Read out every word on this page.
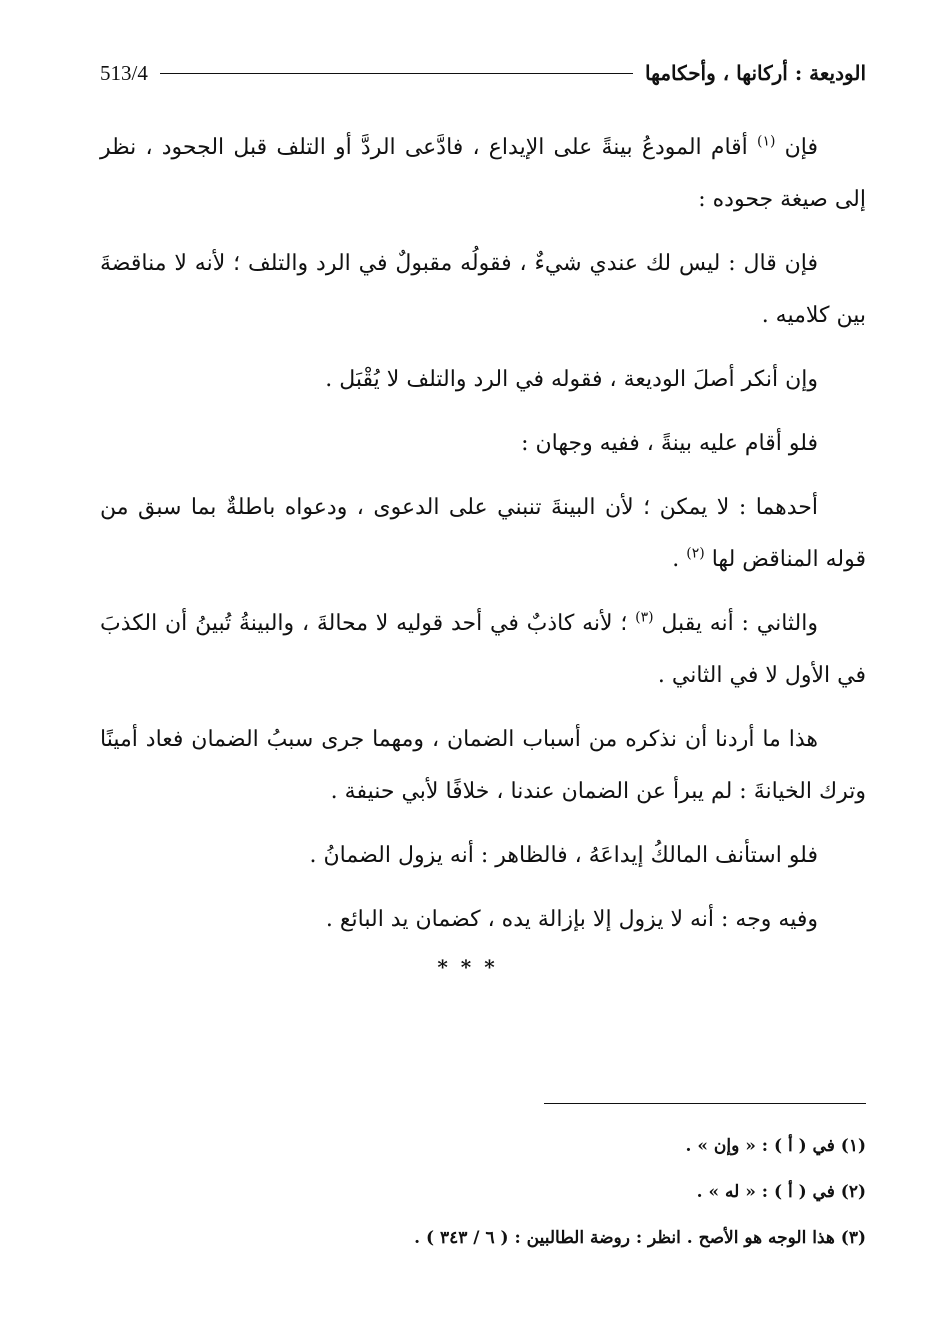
513/4	الوديعة : أركانها ، وأحكامها

فإن $^{(١)}$ أقام المودعُ بينةً على الإيداع ، فادَّعى الردَّ أو التلف قبل الجحود ، نظر إلى صيغة جحوده :

فإن قال : ليس لك عندي شيءٌ ، فقولُه مقبولٌ في الرد والتلف ؛ لأنه لا مناقضةَ بين كلاميه .

وإن أنكر أصلَ الوديعة ، فقوله في الرد والتلف لا يُقْبَل .

فلو أقام عليه بينةً ، ففيه وجهان :

أحدهما : لا يمكن ؛ لأن البينةَ تنبني على الدعوى ، ودعواه باطلةٌ بما سبق من قوله المناقض لها $^{(٢)}$ .

والثاني : أنه يقبل $^{(٣)}$ ؛ لأنه كاذبٌ في أحد قوليه لا محالةَ ، والبينةُ تُبينُ أن الكذبَ في الأول لا في الثاني .

هذا ما أردنا أن نذكره من أسباب الضمان ، ومهما جرى سببُ الضمان فعاد أمينًا وترك الخيانةَ : لم يبرأ عن الضمان عندنا ، خلافًا لأبي حنيفة .

فلو استأنف المالكُ إيداعَهُ ، فالظاهر : أنه يزول الضمانُ .

وفيه وجه : أنه لا يزول إلا بإزالة يده ، كضمان يد البائع .

* * *
(١) في ( أ ) : « وإن » .
(٢) في ( أ ) : « له » .
(٣) هذا الوجه هو الأصح . انظر : روضة الطالبين : ( ٦ / ٣٤٣ ) .
